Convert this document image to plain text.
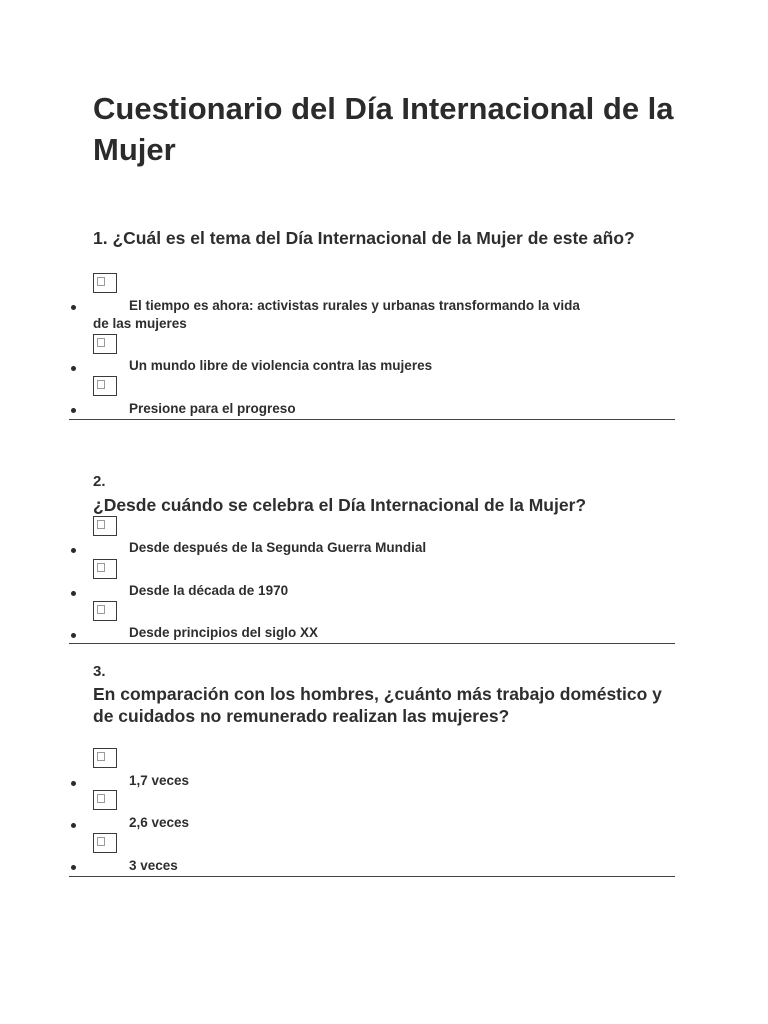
Cuestionario del Día Internacional de la Mujer

1. ¿Cuál es el tema del Día Internacional de la Mujer de este año?

El tiempo es ahora: activistas rurales y urbanas transformando la vida

de las mujeres

Un mundo libre de violencia contra las mujeres

Presione para el progreso

2.

¿Desde cuándo se celebra el Día Internacional de la Mujer?

Desde después de la Segunda Guerra Mundial

Desde la década de 1970

Desde principios del siglo XX

3.

En comparación con los hombres, ¿cuánto más trabajo doméstico y de cuidados no remunerado realizan las mujeres?

1,7 veces

2,6 veces

3 veces
